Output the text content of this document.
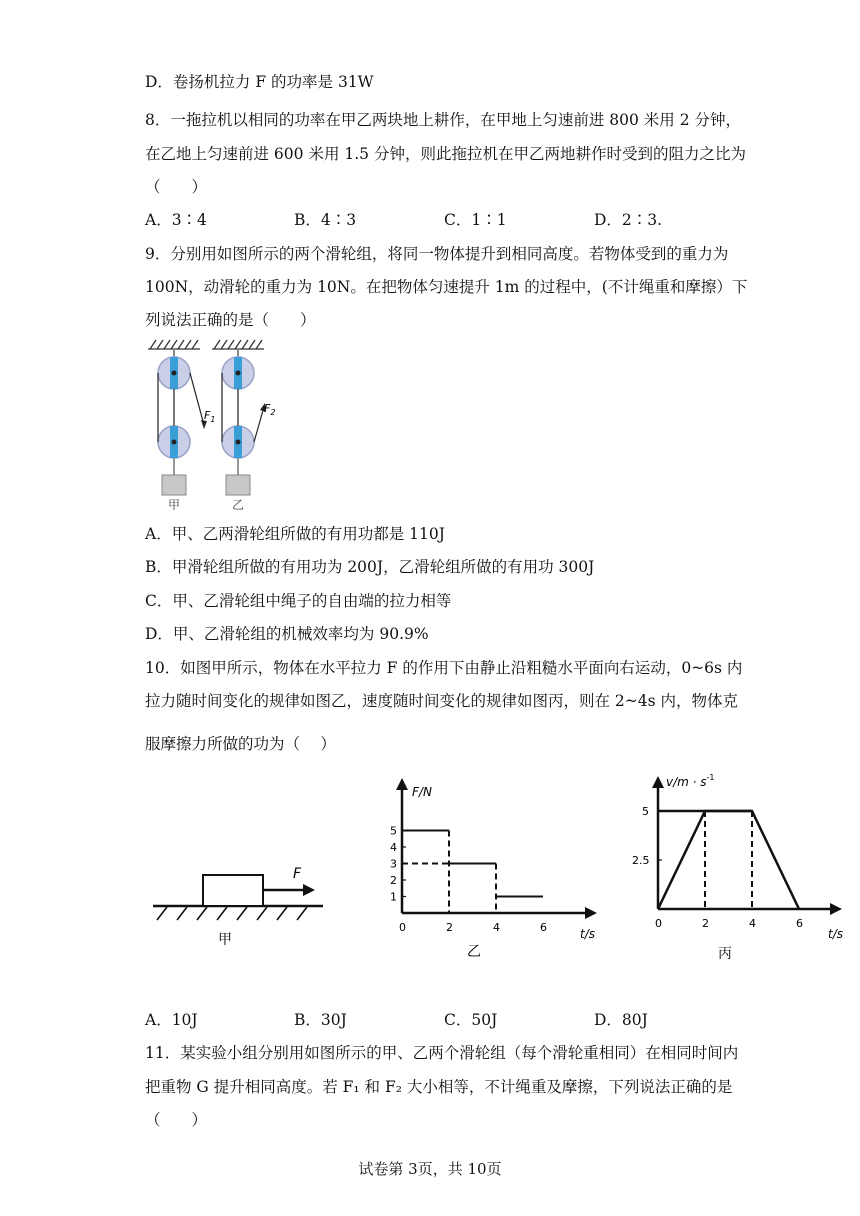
D．卷扬机拉力 F 的功率是 31W
8．一拖拉机以相同的功率在甲乙两块地上耕作，在甲地上匀速前进 800 米用 2 分钟，
在乙地上匀速前进 600 米用 1.5 分钟，则此拖拉机在甲乙两地耕作时受到的阻力之比为
（　　）
A．3∶4	B．4∶3	C．1∶1	D．2∶3.
9．分别用如图所示的两个滑轮组，将同一物体提升到相同高度。若物体受到的重力为
100N，动滑轮的重力为 10N。在把物体匀速提升 1m 的过程中，(不计绳重和摩擦）下
列说法正确的是（　　）
$F_1$
$F_2$
甲	乙
A．甲、乙两滑轮组所做的有用功都是 110J
B．甲滑轮组所做的有用功为 200J，乙滑轮组所做的有用功 300J
C．甲、乙滑轮组中绳子的自由端的拉力相等
D．甲、乙滑轮组的机械效率均为 90.9%
10．如图甲所示，物体在水平拉力 F 的作用下由静止沿粗糙水平面向右运动，0~6s 内
拉力随时间变化的规律如图乙，速度随时间变化的规律如图丙，则在 2~4s 内，物体克
服摩擦力所做的功为（　 ）
F
甲
1
2
3
4
5
0	2	4	6
F/N
t/s
乙
2.5
5
0	2	4	6
$v/m \cdot s^{-1}$
t/s
丙
A．10J	B．30J	C．50J	D．80J
11．某实验小组分别用如图所示的甲、乙两个滑轮组（每个滑轮重相同）在相同时间内
把重物 G 提升相同高度。若 F₁ 和 F₂ 大小相等，不计绳重及摩擦，下列说法正确的是
（　　）
试卷第 3页，共 10页
